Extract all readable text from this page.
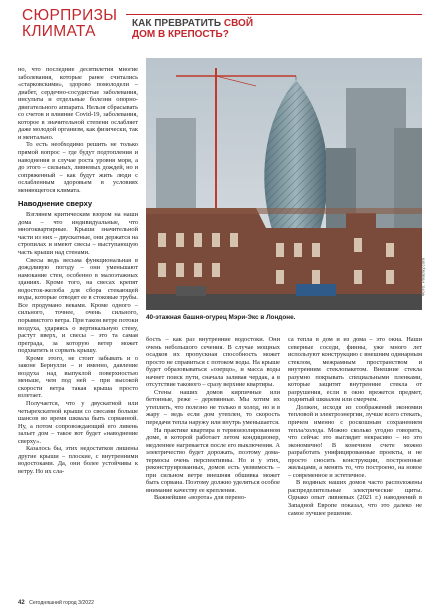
СЮРПРИЗЫ
КЛИМАТА	КАК ПРЕВРАТИТЬ СВОЙ
ДОМ В КРЕПОСТЬ?

но, что последние десятилетия многие заболевания, которые ранее считались «старковскими», здорово помолодели – диабет, сердечно-сосудистые заболевания, инсульты и отдельные болезни опорно-двигательного аппарата. Нельзя сбрасывать со счетов и влияние Covid-19, заболевания, которое в значительной степени ослабляет даже молодой организм, как физически, так и ментально.

То есть необходимо решить не только прямой вопрос – где будут подтопления и наводнения в случае роста уровня моря, а до этого – сильных, ливневых дождей, но и сопряженный – как будут жить люди с ослабленным здоровьем в условиях меняющегося климата.

Наводнение сверху

Взглянем критическим взором на наши дома – что индивидуальные, что многоквартирные. Крыши значительной части из них – двускатные, они держатся на стропилах и имеют свесы – выступающую часть крыши над стенами.

Свесы ведь весьма функциональная в дождливую погоду – они уменьшают намокание стен, особенно в малоэтажных зданиях. Кроме того, на свесах крепят водосток-желоба для сбора стекающей воды, которые отводят ее в стоковые трубы. Все продумано веками. Кроме одного – сильного, точнее, очень сильного, порывистого ветра. При таком ветре потоки воздуха, ударяясь о вертикальную стену, растут вверх, и свесы – это та самая преграда, за которую ветер может подхватить и сорвать крышу.

Кроме этого, не стоит забывать и о законе Бернулли – и именно, давление воздуха над выпуклой поверхностью меньше, чем под ней – при высокой скорости ветра такая крыша просто взлетает.

Получается, что у двускатной или четырехскатной крыши со свесами больше шансов во время шквала быть сорванной. Ну, а потом сопровождающий его ливень зальет дом – такое вот будет «наводнение сверху».

Казалось бы, этих недостатков лишены другие крыши – плоские, с внутренними водостоками. Да, они более устойчивы к ветру. Но их сла-

Фото: Pixabay.com
40-этажная башня-огурец Мэри-Экс в Лондоне.

бость – как раз внутренние водостоки. Они очень небольшого сечения. В случае мощных осадков их пропускная способность может просто не справиться с потоком воды. На крыше будет образовываться «озерцо», и масса воды начнет поиск пути, сначала заливая чердак, а в отсутствие такового – сразу верхние квартиры.

Стены наших домов кирпичные или бетонные, реже – деревянные. Мы хотим их утеплить, что полезно не только в холод, но и в жару – ведь если дом утеплен, то скорость передачи тепла наружу или внутрь уменьшается.

На практике квартира в термоизолированном доме, в которой работает летом кондиционер, медленнее нагревается после его выключения. А электричество будет дорожать, поэтому дома-термосы очень перспективны. Но и у этих, реконструированных, домов есть уязвимость – при сильном ветре внешняя обшивка может быть сорвана. Поэтому должно уделяться особое внимание качеству ее крепления.

Важнейшие «ворота» для перено-

са тепла в дом и из дома – это окна. Наши северные соседи, финны, уже много лет используют конструкцию с внешним одинарным стеклом, межрамным пространством и внутренним стеклопакетом. Внешние стекла разумно покрывать специальными пленками, которые защитят внутренние стекла от разрушения, если в окно врежется предмет, поднятый шквалом или смерчем.

Должен, исходя из соображений экономии тепловой и электроэнергии, лучше всего стекать, причем именно с роскошным сохранением тепла/холода. Можно сколько угодно говорить, что сейчас это выглядит некрасиво – но это экономично! В конечном счете можно разработать унифицированные проекты, и не просто сносить конструкции, построенные жильцами, а менять то, что построено, на новое – современное и эстетичное.

В водяных наших домов часто расположены распределительные электрические щиты. Однако опыт ливневых (2021 г.) наводнений в Западной Европе показал, что это далеко не самое лучшее решение.

42 Сегодняшний город 3/2022
